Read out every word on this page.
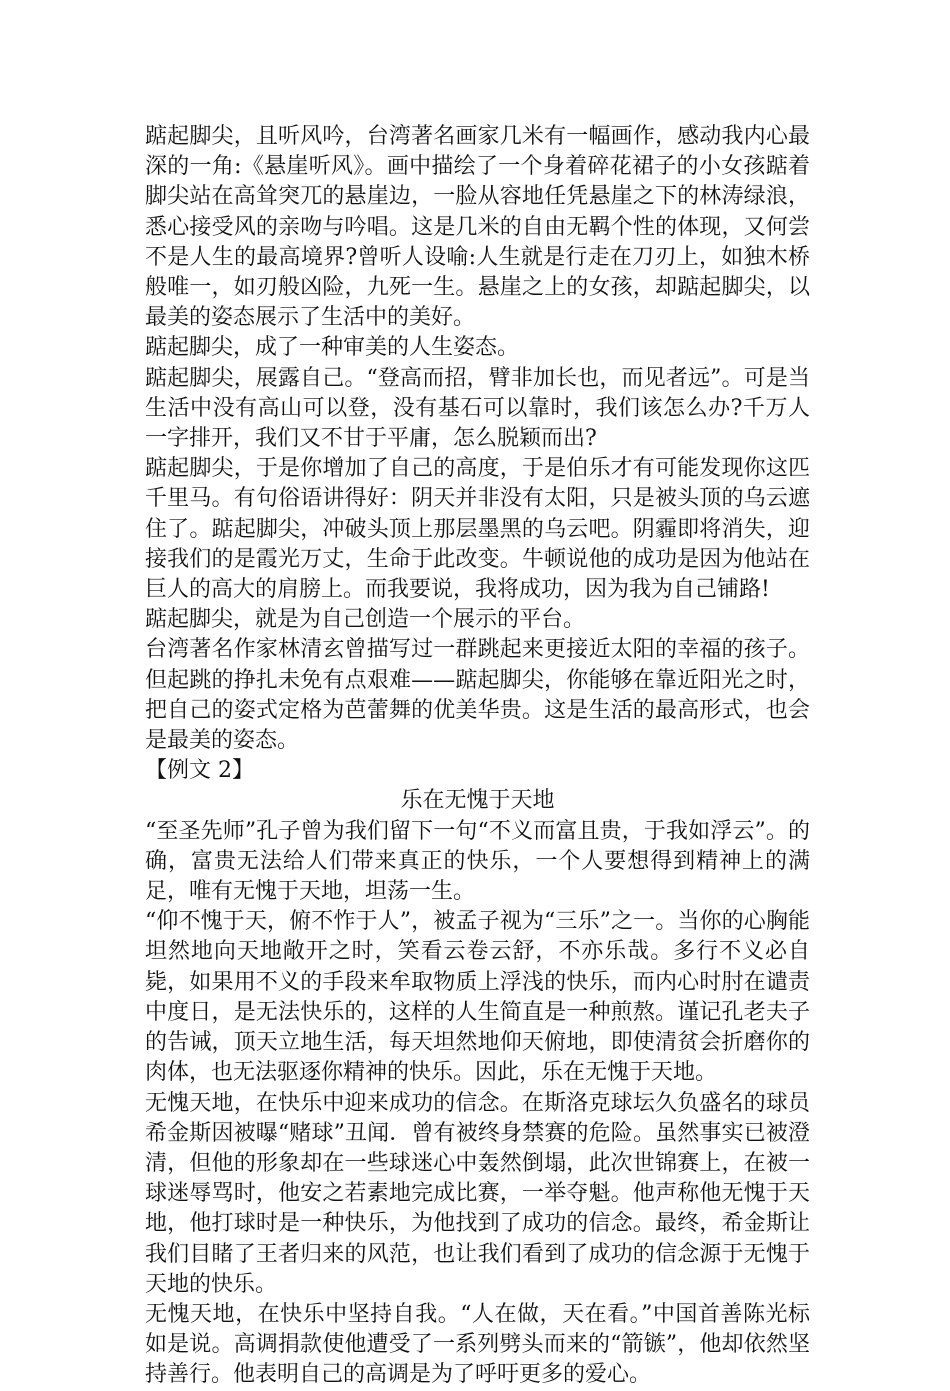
踮起脚尖，且听风吟，台湾著名画家几米有一幅画作，感动我内心最深的一角:《悬崖听风》。画中描绘了一个身着碎花裙子的小女孩踮着脚尖站在高耸突兀的悬崖边，一脸从容地任凭悬崖之下的林涛绿浪，悉心接受风的亲吻与吟唱。这是几米的自由无羁个性的体现，又何尝不是人生的最高境界?曾听人设喻:人生就是行走在刀刃上，如独木桥般唯一，如刃般凶险，九死一生。悬崖之上的女孩，却踮起脚尖，以最美的姿态展示了生活中的美好。

踮起脚尖，成了一种审美的人生姿态。

踮起脚尖，展露自己。“登高而招，臂非加长也，而见者远”。可是当生活中没有高山可以登，没有基石可以靠时，我们该怎么办?千万人一字排开，我们又不甘于平庸，怎么脱颖而出?

踮起脚尖，于是你增加了自己的高度，于是伯乐才有可能发现你这匹千里马。有句俗语讲得好：阴天并非没有太阳，只是被头顶的乌云遮住了。踮起脚尖，冲破头顶上那层墨黑的乌云吧。阴霾即将消失，迎接我们的是霞光万丈，生命于此改变。牛顿说他的成功是因为他站在巨人的高大的肩膀上。而我要说，我将成功，因为我为自己铺路!

踮起脚尖，就是为自己创造一个展示的平台。

台湾著名作家林清玄曾描写过一群跳起来更接近太阳的幸福的孩子。但起跳的挣扎未免有点艰难——踮起脚尖，你能够在靠近阳光之时，把自己的姿式定格为芭蕾舞的优美华贵。这是生活的最高形式，也会是最美的姿态。

【例文 2】

乐在无愧于天地

“至圣先师”孔子曾为我们留下一句“不义而富且贵，于我如浮云”。的确，富贵无法给人们带来真正的快乐，一个人要想得到精神上的满足，唯有无愧于天地，坦荡一生。

“仰不愧于天，俯不怍于人”，被孟子视为“三乐”之一。当你的心胸能坦然地向天地敞开之时，笑看云卷云舒，不亦乐哉。多行不义必自毙，如果用不义的手段来牟取物质上浮浅的快乐，而内心时肘在谴责中度日，是无法快乐的，这样的人生简直是一种煎熬。谨记孔老夫子的告诫，顶天立地生活，每天坦然地仰天俯地，即使清贫会折磨你的肉体，也无法驱逐你精神的快乐。因此，乐在无愧于天地。

无愧天地，在快乐中迎来成功的信念。在斯洛克球坛久负盛名的球员希金斯因被曝“赌球”丑闻．曾有被终身禁赛的危险。虽然事实已被澄清，但他的形象却在一些球迷心中轰然倒塌，此次世锦赛上，在被一球迷辱骂时，他安之若素地完成比赛，一举夺魁。他声称他无愧于天地，他打球时是一种快乐，为他找到了成功的信念。最终，希金斯让我们目睹了王者归来的风范，也让我们看到了成功的信念源于无愧于天地的快乐。

无愧天地，在快乐中坚持自我。“人在做，天在看。”中国首善陈光标如是说。高调捐款使他遭受了一系列劈头而来的“箭镞”，他却依然坚持善行。他表明自己的高调是为了呼吁更多的爱心。
